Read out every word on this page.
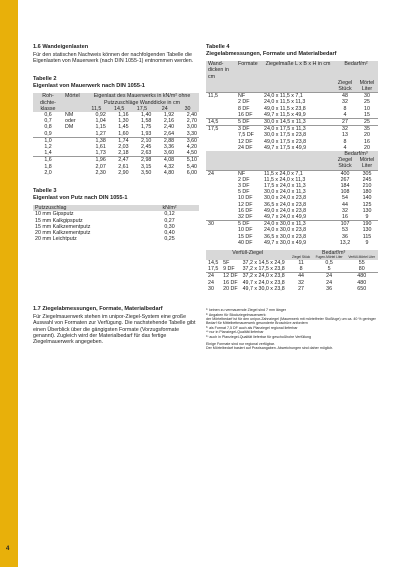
4

1.6 Wandeigenlasten

Für den statischen Nachweis können der nachfolgenden Tabelle die Eigenlasten von Mauerwerk (nach DIN 1055-1) entnommen werden.

Tabelle 2

Eigenlast von Mauerwerk nach DIN 1055-1

Roh-dichte-klasse	Mörtel	Eigenlast des Mauerwerks in kN/m² ohne Putzzuschläge Wanddicke in cm				
		11,5	14,5	17,5	24	30
0,6	NM	0,92	1,16	1,40	1,92	2,40
0,7	oder	1,04	1,30	1,58	2,16	2,70
0,8	DM	1,15	1,45	1,75	2,40	3,00
0,9		1,27	1,60	1,93	2,64	3,30
1,0		1,38	1,74	2,10	2,88	3,60
1,2		1,61	2,03	2,45	3,36	4,20
1,4		1,73	2,18	2,63	3,60	4,50
1,6		1,96	2,47	2,98	4,08	5,10
1,8		2,07	2,61	3,15	4,32	5,40
2,0		2,30	2,90	3,50	4,80	6,00

Tabelle 3

Eigenlast von Putz nach DIN 1055-1

Putzzuschlag	kN/m²
10 mm Gipsputz	0,12
15 mm Kalkgipsputz	0,27
15 mm Kalkzementputz	0,30
20 mm Kalkzementputz	0,40
20 mm Leichtputz	0,25

1.7 Ziegelabmessungen, Formate, Materialbedarf

Für Ziegelmauerwerk stehen im unipor-Ziegel-System eine große Auswahl von Formaten zur Verfügung. Die nachstehende Tabelle gibt einen Überblick über die gängigsten Formate (Vorzugsformate genannt). Zugleich wird der Materialbedarf für das fertige Ziegelmauerwerk angegeben.

Tabelle 4

Ziegelabmessungen, Formate und Materialbedarf

Wand-dicken in cm	Formate	Ziegelmaße L x B x H in cm	Bedarf/m²	
			Ziegel Stück	Mörtel Liter
11,5	NF	24,0 x 11,5 x 7,1	48	30
	2 DF	24,0 x 11,5 x 11,3	32	25
	8 DF	49,0 x 11,5 x 23,8	8	10
	16 DF	49,7 x 11,5 x 49,9	4	15
14,5	5 DF	30,0 x 14,5 x 11,3	27	25
17,5	3 DF	24,0 x 17,5 x 11,3	32	35
	7,5 DF	30,0 x 17,5 x 23,8	13	20
	12 DF	49,0 x 17,5 x 23,8	8	16
	24 DF	49,7 x 17,5 x 49,9	4	20
			Bedarf/m³	
			Ziegel Stück	Mörtel Liter
24	NF	11,5 x 24,0 x 7,1	400	305
	2 DF	11,5 x 24,0 x 11,3	267	245
	3 DF	17,5 x 24,0 x 11,3	184	210
	5 DF	30,0 x 24,0 x 11,3	108	180
	10 DF	30,0 x 24,0 x 23,8	54	140
	12 DF	36,5 x 24,0 x 23,8	44	125
	16 DF	49,0 x 24,0 x 23,8	32	130
	32 DF	49,7 x 24,0 x 49,9	16	9
30	5 DF	24,0 x 30,0 x 11,3	107	190
	10 DF	24,0 x 30,0 x 23,8	53	130
	15 DF	36,5 x 30,0 x 23,8	36	115
	40 DF	49,7 x 30,0 x 49,9	13,2	9
Verfüll-Ziegel			Bedarf/m³		
			Ziegel Stück	Fugen-Mörtel Liter	Verfüll-Mörtel Liter
14,5	5F	37,2 x 14,5 x 24,9	11	0,5	55
17,5	9 DF	37,2 x 17,5 x 23,8	8	5	80
24	12 DF	37,2 x 24,0 x 23,8	44	24	480
24	16 DF	49,7 x 24,0 x 23,8	32	24	480
30	20 DF	49,7 x 30,0 x 23,8	27	36	650

¹⁾ keinen zu vermauernde Ziegel sind 7 mm länger

²⁾ Angaben für Blockziegelmauerwerk:

der Mörtelbedarf ist für den unipor-Zahnziegel (Mauerwerk mit mörtelfreier Stoßfuge) um ca. 40 % geringer

Bedarf für Mittelbettmauerwerk gesonderte Broschüre anfordern

³⁾ als Format 7,5 DF auch als Planziegel regional lieferbar

⁴⁾ nur in Planziegel-Qualität lieferbar

⁵⁾ auch in Planziegel-Qualität lieferbar für geschoßhohe Verfüllung

Einige Formate sind nur regional verfügbar.

Der Mörtelbedarf basiert auf Praxisangaben. Abweichungen sind daher möglich.
